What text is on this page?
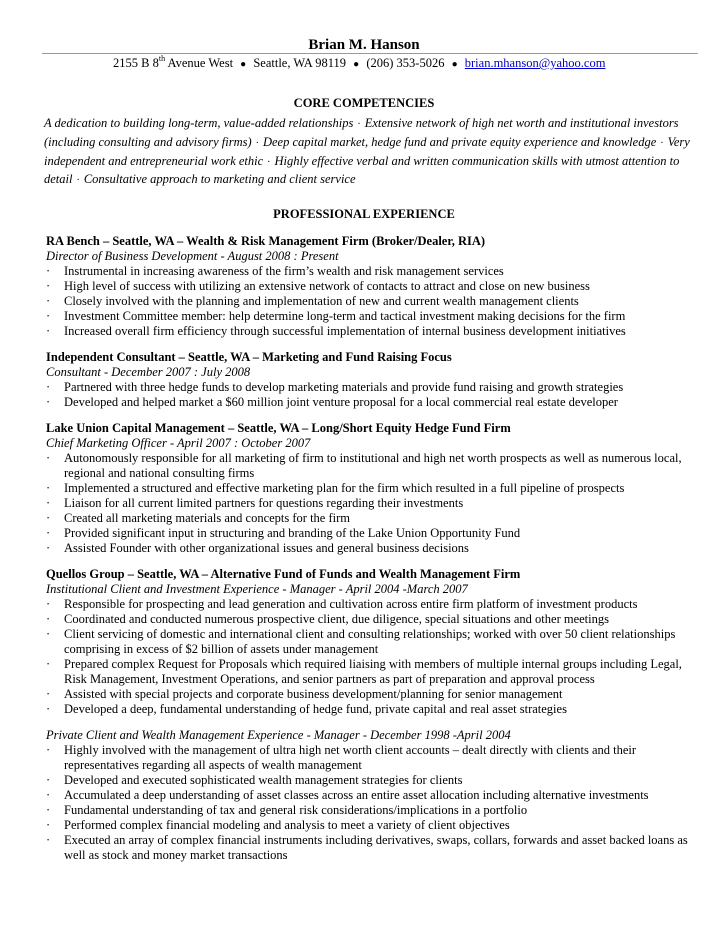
Brian M. Hanson
2155 B 8th Avenue West ● Seattle, WA 98119 ● (206) 353-5026 ● brian.mhanson@yahoo.com
CORE COMPETENCIES
A dedication to building long-term, value-added relationships · Extensive network of high net worth and institutional investors (including consulting and advisory firms) · Deep capital market, hedge fund and private equity experience and knowledge · Very independent and entrepreneurial work ethic · Highly effective verbal and written communication skills with utmost attention to detail · Consultative approach to marketing and client service
PROFESSIONAL EXPERIENCE
RA Bench – Seattle, WA – Wealth & Risk Management Firm (Broker/Dealer, RIA)
Director of Business Development - August 2008 : Present
·	Instrumental in increasing awareness of the firm’s wealth and risk management services
·	High level of success with utilizing an extensive network of contacts to attract and close on new business
·	Closely involved with the planning and implementation of new and current wealth management clients
·	Investment Committee member: help determine long-term and tactical investment making decisions for the firm
·	Increased overall firm efficiency through successful implementation of internal business development initiatives
Independent Consultant – Seattle, WA – Marketing and Fund Raising Focus
Consultant - December 2007 : July 2008
·	Partnered with three hedge funds to develop marketing materials and provide fund raising and growth strategies
·	Developed and helped market a $60 million joint venture proposal for a local commercial real estate developer
Lake Union Capital Management – Seattle, WA – Long/Short Equity Hedge Fund Firm
Chief Marketing Officer - April 2007 : October 2007
·	Autonomously responsible for all marketing of firm to institutional and high net worth prospects as well as numerous local, regional and national consulting firms
·	Implemented a structured and effective marketing plan for the firm which resulted in a full pipeline of prospects
·	Liaison for all current limited partners for questions regarding their investments
·	Created all marketing materials and concepts for the firm
·	Provided significant input in structuring and branding of the Lake Union Opportunity Fund
·	Assisted Founder with other organizational issues and general business decisions
Quellos Group – Seattle, WA – Alternative Fund of Funds and Wealth Management Firm
Institutional Client and Investment Experience - Manager - April 2004 -March 2007
·	Responsible for prospecting and lead generation and cultivation across entire firm platform of investment products
·	Coordinated and conducted numerous prospective client, due diligence, special situations and other meetings
·	Client servicing of domestic and international client and consulting relationships; worked with over 50 client relationships comprising in excess of $2 billion of assets under management
·	Prepared complex Request for Proposals which required liaising with members of multiple internal groups including Legal, Risk Management, Investment Operations, and senior partners as part of preparation and approval process
·	Assisted with special projects and corporate business development/planning for senior management
·	Developed a deep, fundamental understanding of hedge fund, private capital and real asset strategies
Private Client and Wealth Management Experience - Manager - December 1998 -April 2004
·	Highly involved with the management of ultra high net worth client accounts – dealt directly with clients and their representatives regarding all aspects of wealth management
·	Developed and executed sophisticated wealth management strategies for clients
·	Accumulated a deep understanding of asset classes across an entire asset allocation including alternative investments
·	Fundamental understanding of tax and general risk considerations/implications in a portfolio
·	Performed complex financial modeling and analysis to meet a variety of client objectives
·	Executed an array of complex financial instruments including derivatives, swaps, collars, forwards and asset backed loans as well as stock and money market transactions
